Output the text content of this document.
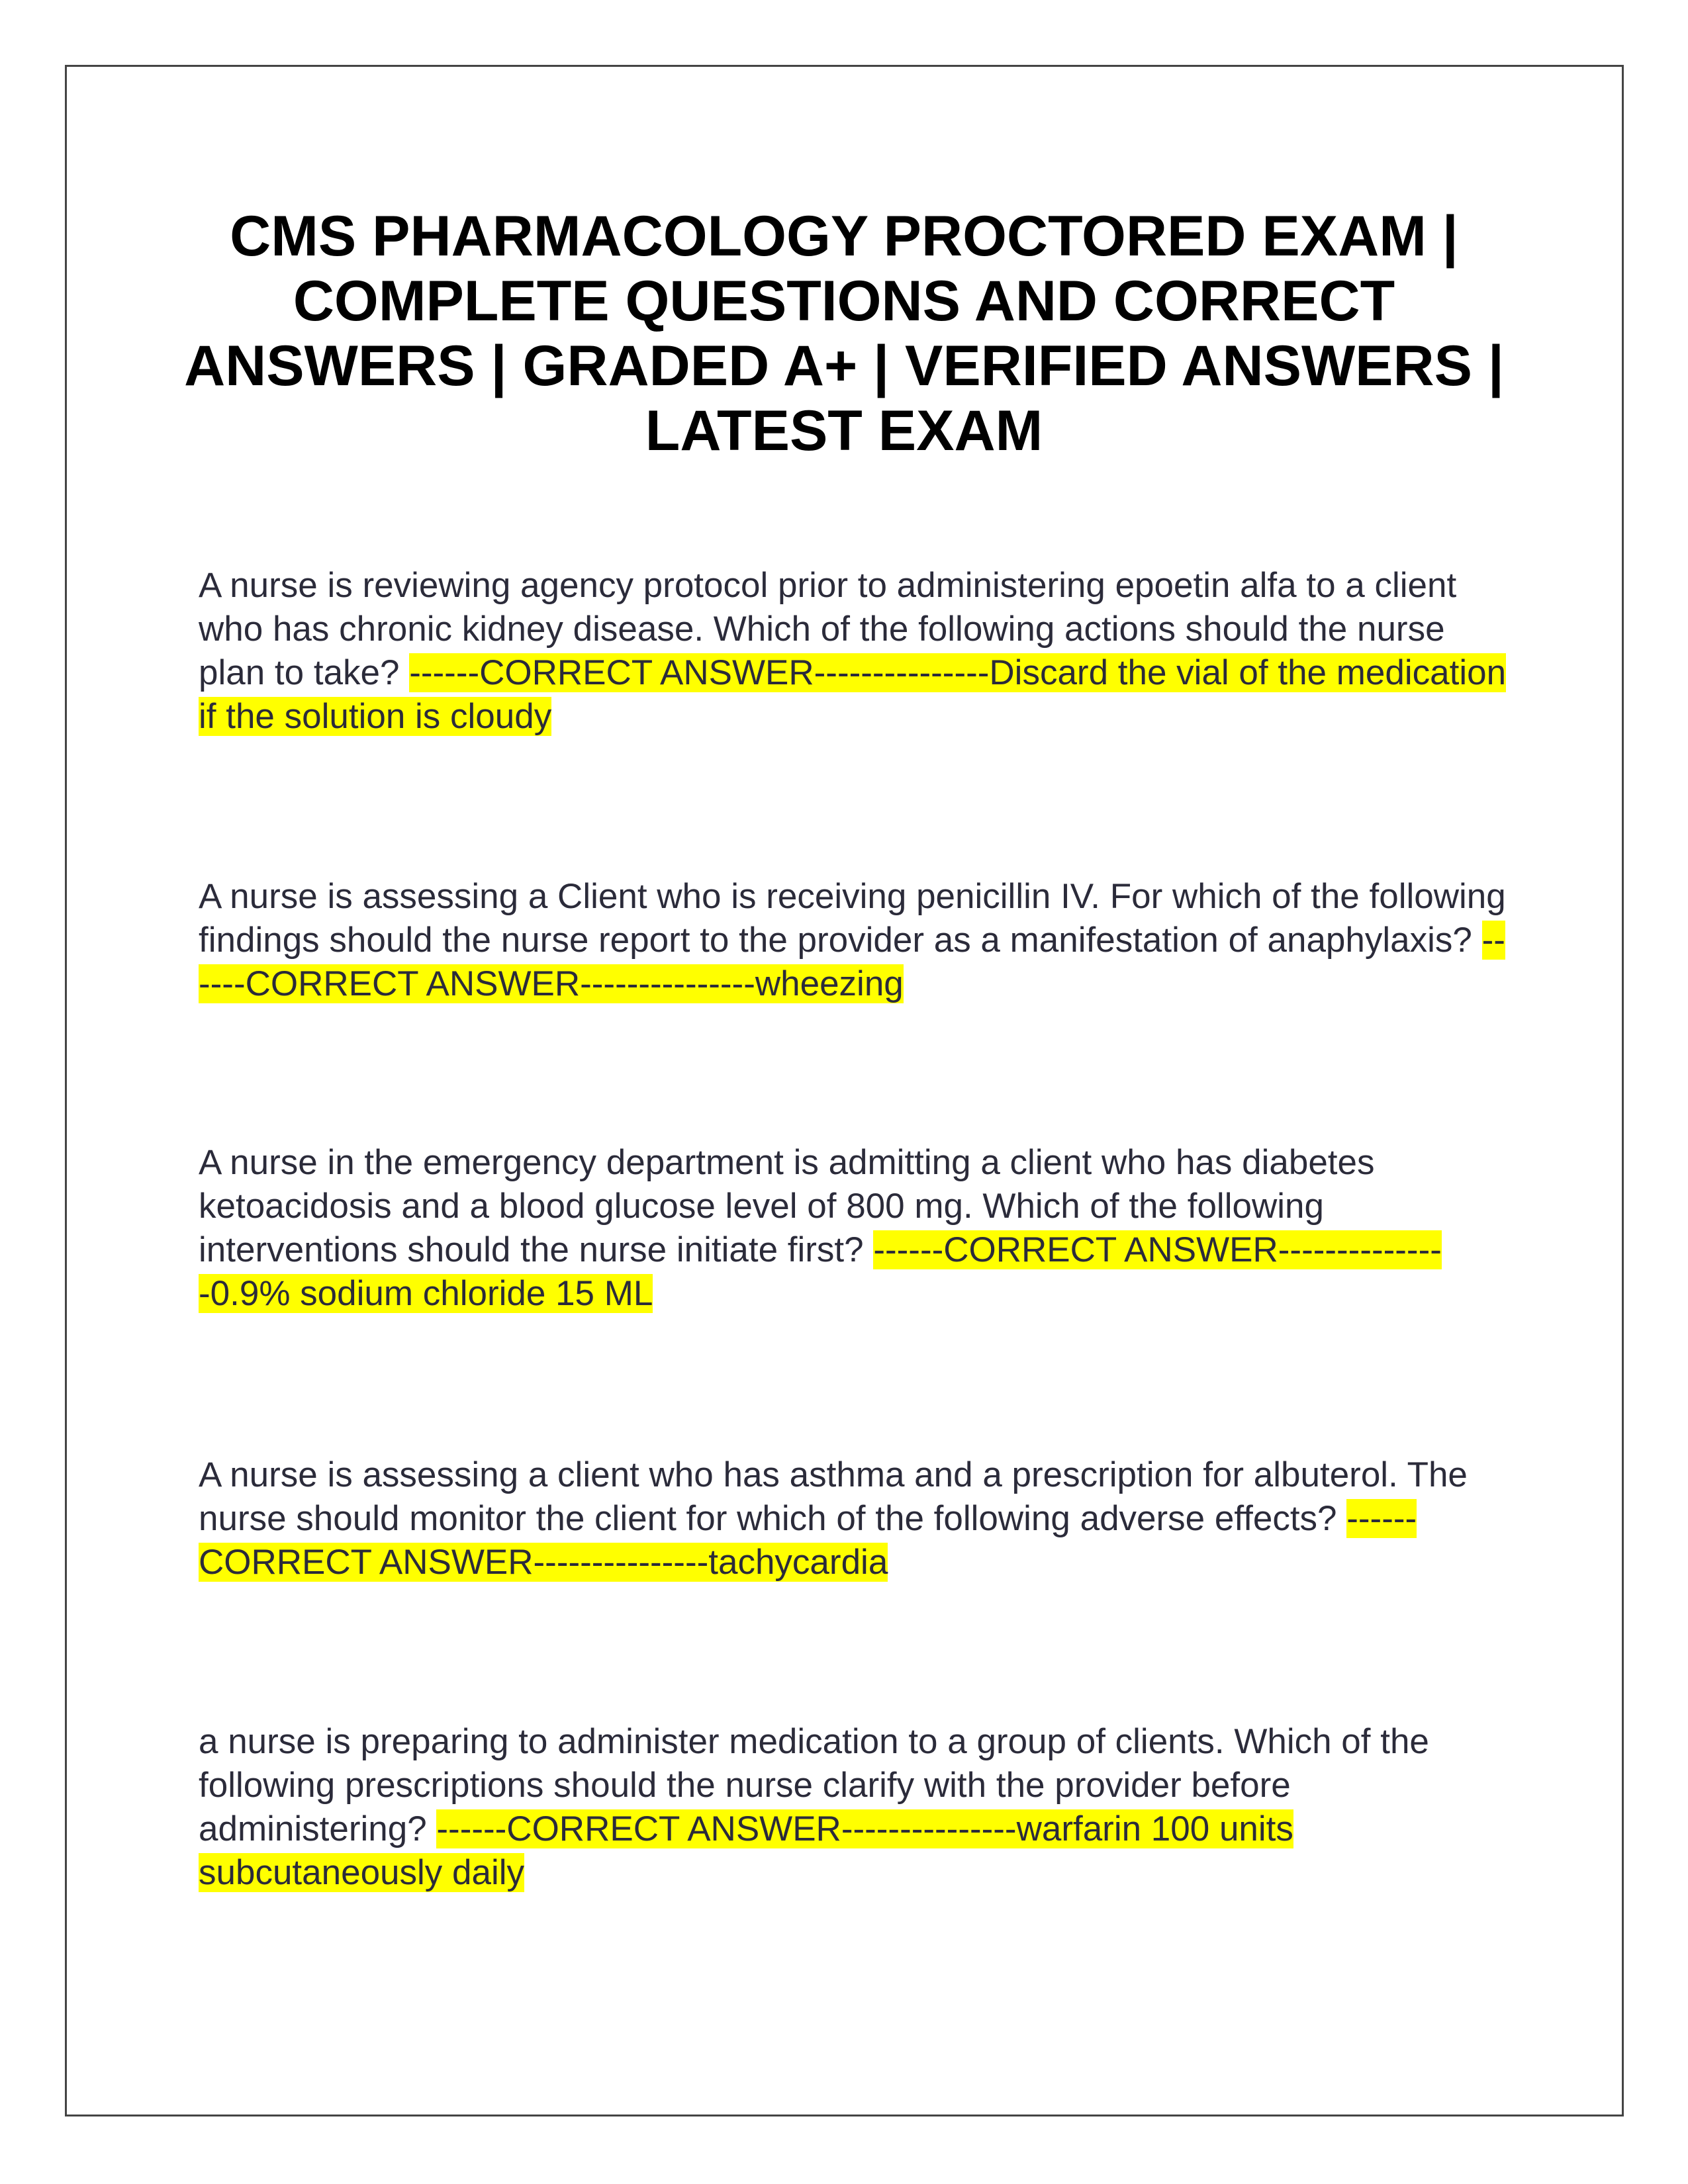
CMS PHARMACOLOGY PROCTORED EXAM | COMPLETE QUESTIONS AND CORRECT ANSWERS | GRADED A+ | VERIFIED ANSWERS | LATEST EXAM

A nurse is reviewing agency protocol prior to administering epoetin alfa to a client who has chronic kidney disease. Which of the following actions should the nurse plan to take? ------CORRECT ANSWER---------------Discard the vial of the medication if the solution is cloudy

A nurse is assessing a Client who is receiving penicillin IV. For which of the following findings should the nurse report to the provider as a manifestation of anaphylaxis? ------CORRECT ANSWER---------------wheezing

A nurse in the emergency department is admitting a client who has diabetes ketoacidosis and a blood glucose level of 800 mg. Which of the following interventions should the nurse initiate first? ------CORRECT ANSWER---------------0.9% sodium chloride 15 ML

A nurse is assessing a client who has asthma and a prescription for albuterol. The nurse should monitor the client for which of the following adverse effects? ------CORRECT ANSWER---------------tachycardia

a nurse is preparing to administer medication to a group of clients. Which of the following prescriptions should the nurse clarify with the provider before administering? ------CORRECT ANSWER---------------warfarin 100 units subcutaneously daily
